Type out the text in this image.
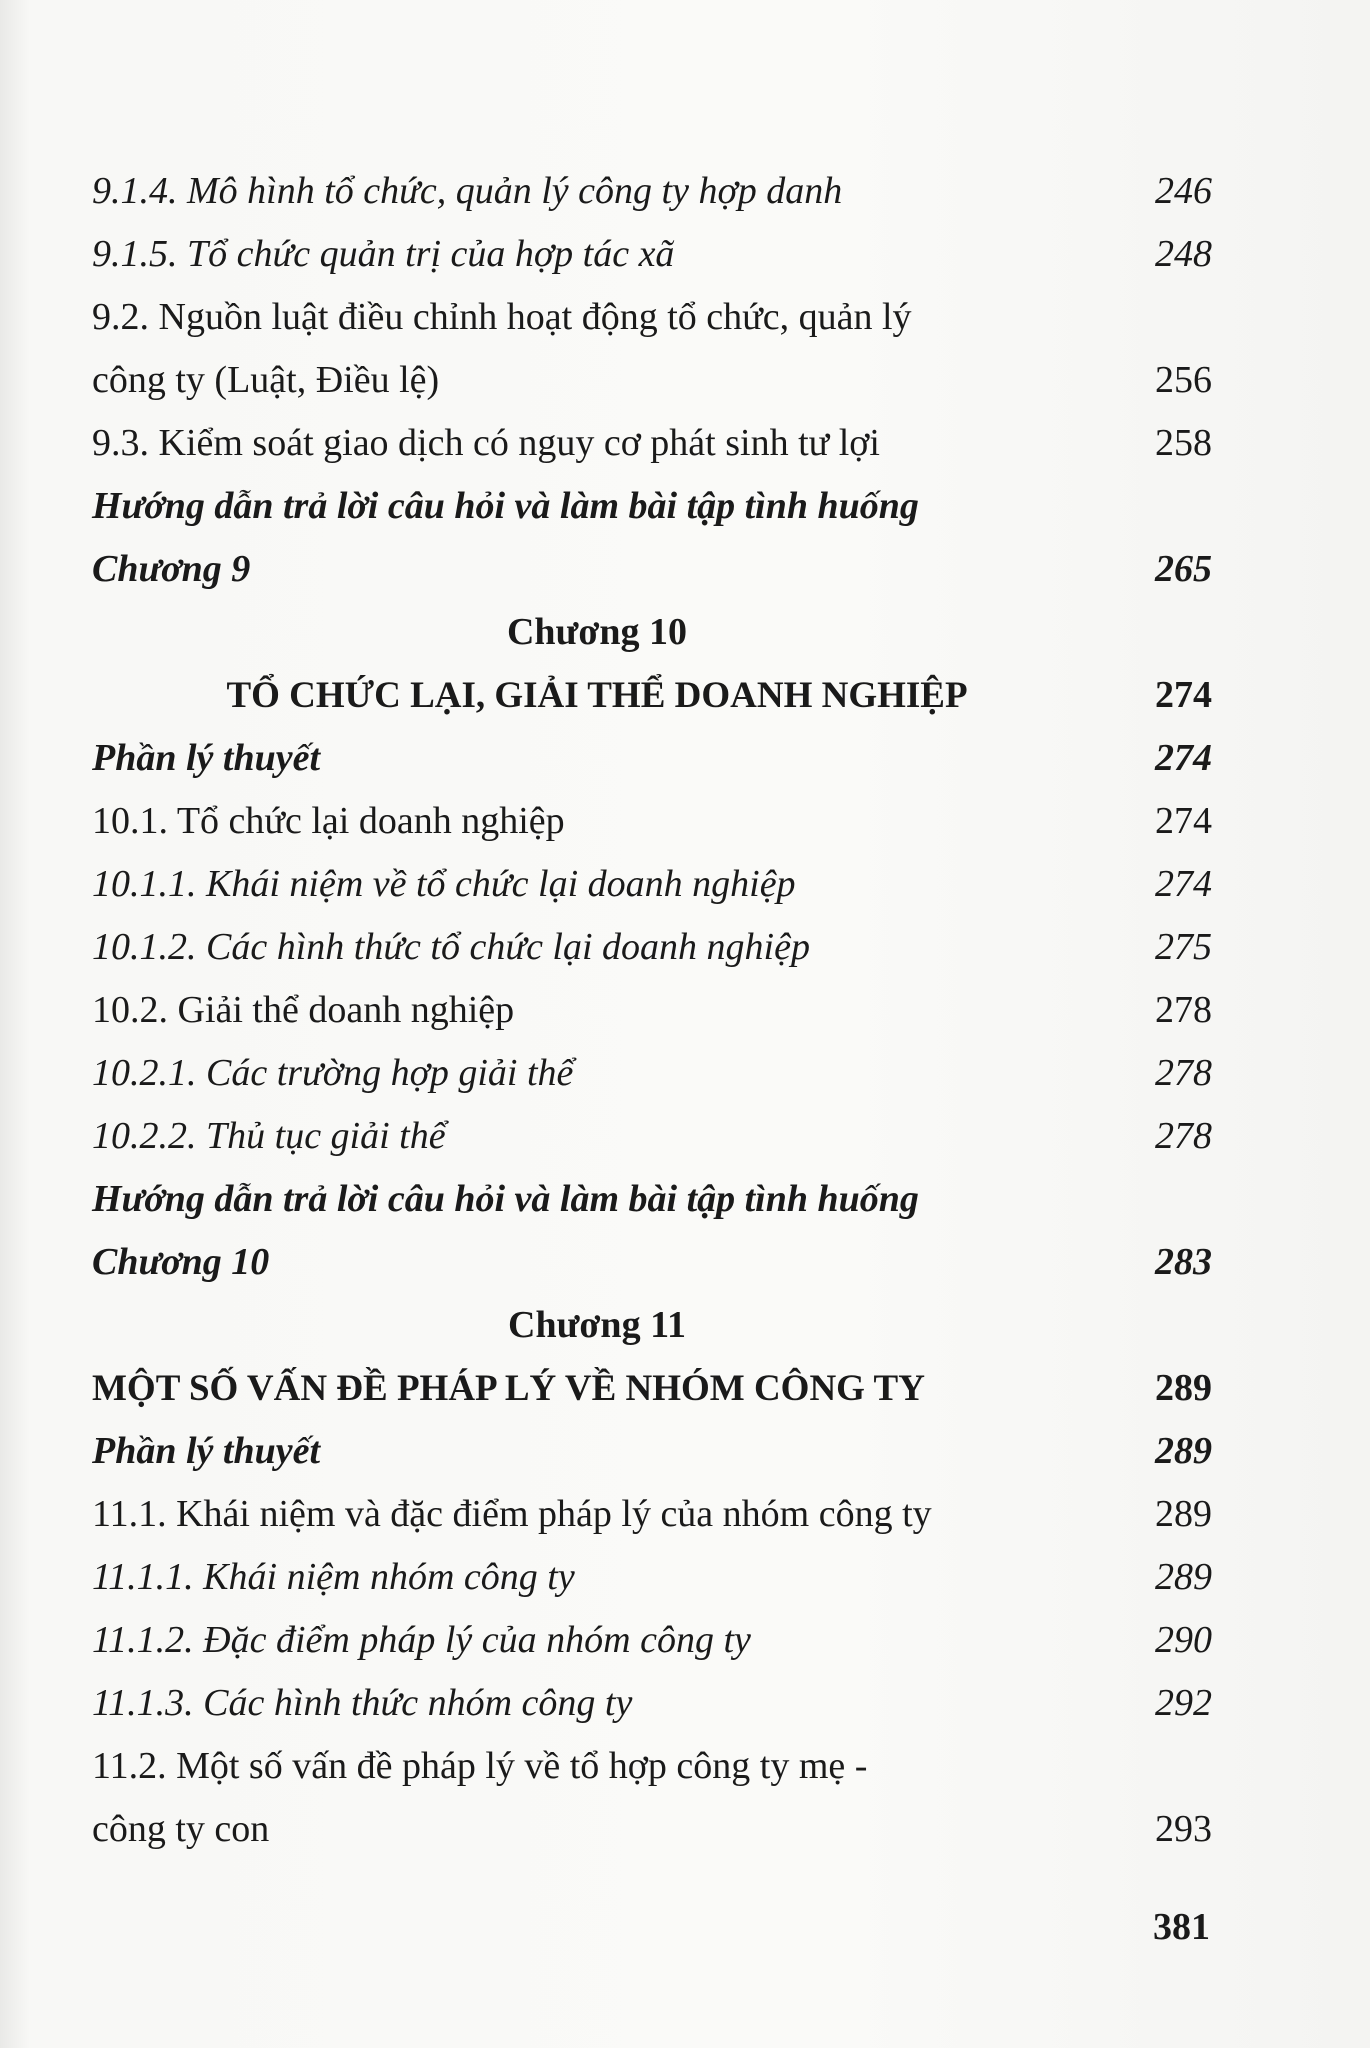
9.1.4. Mô hình tổ chức, quản lý công ty hợp danh	246
9.1.5. Tổ chức quản trị của hợp tác xã	248
9.2. Nguồn luật điều chỉnh hoạt động tổ chức, quản lý
công ty (Luật, Điều lệ)	256
9.3. Kiểm soát giao dịch có nguy cơ phát sinh tư lợi	258
Hướng dẫn trả lời câu hỏi và làm bài tập tình huống
Chương 9	265
Chương 10
TỔ CHỨC LẠI, GIẢI THỂ DOANH NGHIỆP	274
Phần lý thuyết	274
10.1. Tổ chức lại doanh nghiệp	274
10.1.1. Khái niệm về tổ chức lại doanh nghiệp	274
10.1.2. Các hình thức tổ chức lại doanh nghiệp	275
10.2. Giải thể doanh nghiệp	278
10.2.1. Các trường hợp giải thể	278
10.2.2. Thủ tục giải thể	278
Hướng dẫn trả lời câu hỏi và làm bài tập tình huống
Chương 10	283
Chương 11
MỘT SỐ VẤN ĐỀ PHÁP LÝ VỀ NHÓM CÔNG TY	289
Phần lý thuyết	289
11.1. Khái niệm và đặc điểm pháp lý của nhóm công ty	289
11.1.1. Khái niệm nhóm công ty	289
11.1.2. Đặc điểm pháp lý của nhóm công ty	290
11.1.3. Các hình thức nhóm công ty	292
11.2. Một số vấn đề pháp lý về tổ hợp công ty mẹ -
công ty con	293
381
